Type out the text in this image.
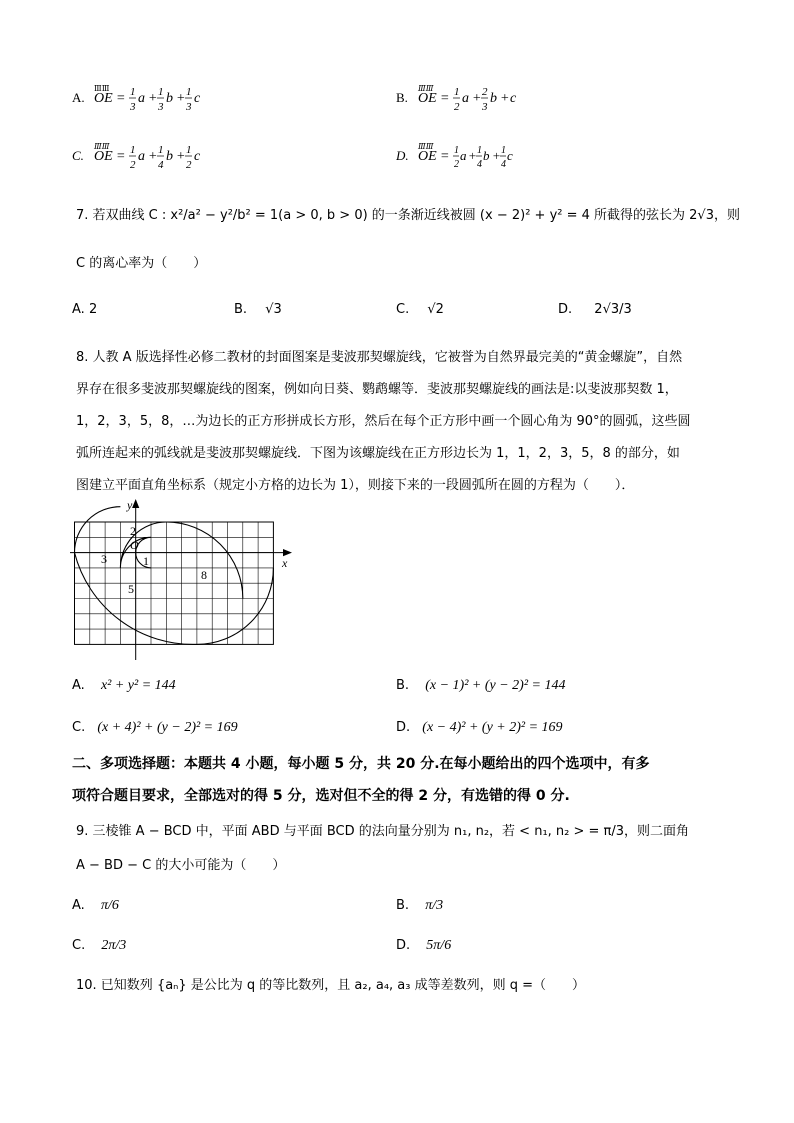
A.
ⅢⅢ
OE = 1
3
a + 1
3
b + 1
3
c	B.
ⅢⅢ
OE = 1
2
a + 2
3
b + c
C.
ⅢⅢ
OE = 1
2
a + 1
4
b + 1
2
c	D.
ⅢⅢ
OE = 1
2
a + 1
4
b + 1
4
c
7. 若双曲线 C : x²/a² − y²/b² = 1(a > 0, b > 0) 的一条渐近线被圆 (x − 2)² + y² = 4 所截得的弦长为 2√3，则
C 的离心率为（　　）
A. 2	B. √3	C. √2	D. 2√3/3
8. 人教 A 版选择性必修二教材的封面图案是斐波那契螺旋线，它被誉为自然界最完美的“黄金螺旋”，自然
界存在很多斐波那契螺旋线的图案，例如向日葵、鹦鹉螺等．斐波那契螺旋线的画法是:以斐波那契数 1，
1，2，3，5，8，…为边长的正方形拼成长方形，然后在每个正方形中画一个圆心角为 90°的圆弧，这些圆
弧所连起来的弧线就是斐波那契螺旋线．下图为该螺旋线在正方形边长为 1，1，2，3，5，8 的部分，如
图建立平面直角坐标系（规定小方格的边长为 1），则接下来的一段圆弧所在圆的方程为（　　）．
y
x
O
1
2
3
5
8
A. x² + y² = 144	B. (x − 1)² + (y − 2)² = 144
C. (x + 4)² + (y − 2)² = 169	D. (x − 4)² + (y + 2)² = 169
二、多项选择题：本题共 4 小题，每小题 5 分，共 20 分.在每小题给出的四个选项中，有多
项符合题目要求，全部选对的得 5 分，选对但不全的得 2 分，有选错的得 0 分.
9. 三棱锥 A − BCD 中，平面 ABD 与平面 BCD 的法向量分别为 n₁, n₂，若 < n₁, n₂ > = π/3，则二面角
A − BD − C 的大小可能为（　　）
A. π/6	B. π/3
C. 2π/3	D. 5π/6
10. 已知数列 {aₙ} 是公比为 q 的等比数列，且 a₂, a₄, a₃ 成等差数列，则 q =（　　）
